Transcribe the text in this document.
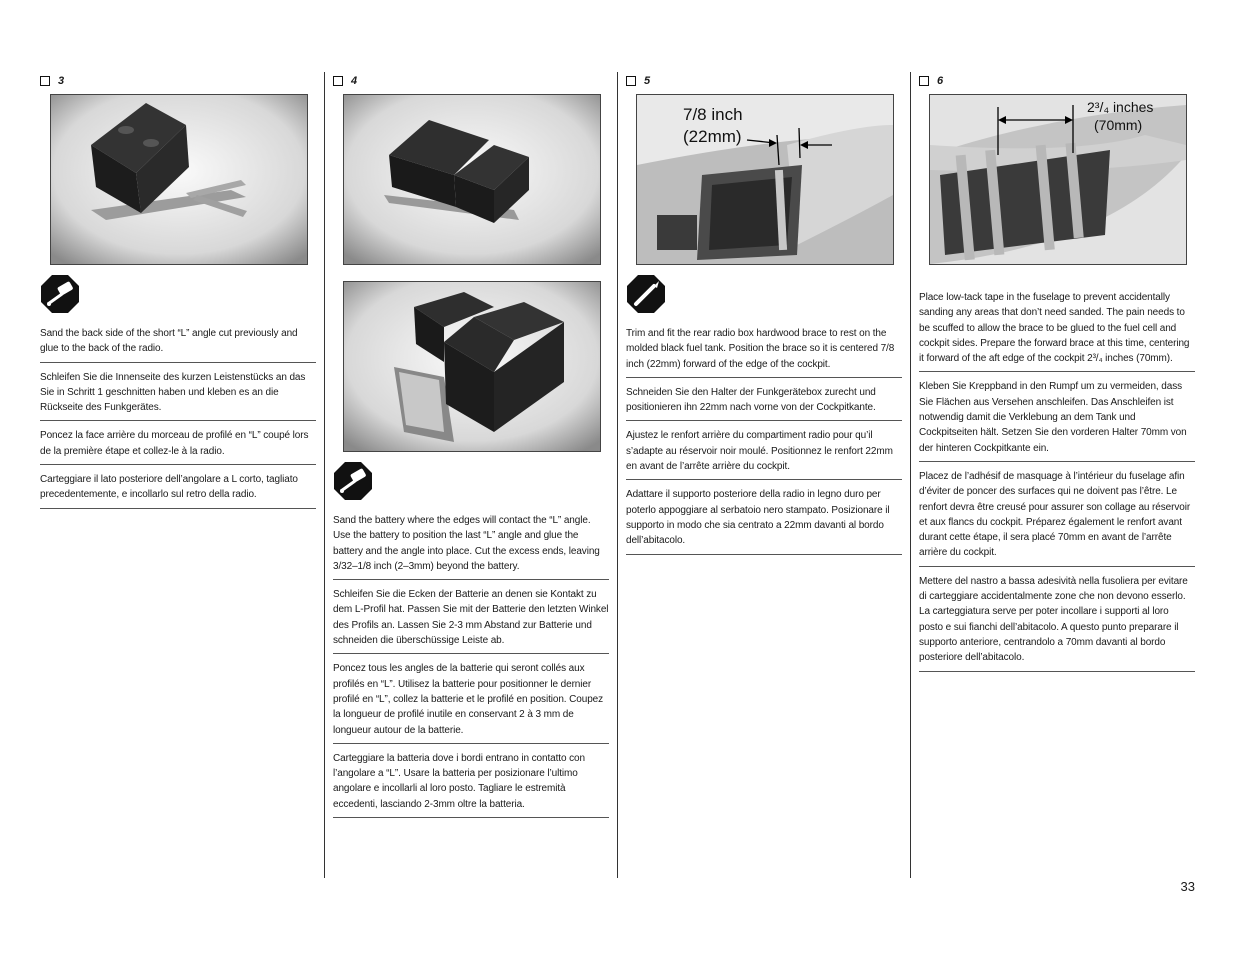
3
Sand the back side of the short “L” angle cut previously and glue to the back of the radio.
Schleifen Sie die Innenseite des kurzen Leistenstücks an das Sie in Schritt 1 geschnitten haben und kleben es an die Rückseite des Funkgerätes.
Poncez la face arrière du morceau de profilé en “L” coupé lors de la première étape et collez-le à la radio.
Carteggiare il lato posteriore dell’angolare a L corto, tagliato precedentemente, e incollarlo sul retro della radio.
4
Sand the battery where the edges will contact the “L” angle. Use the battery to position the last “L” angle and glue the battery and the angle into place. Cut the excess ends, leaving 3/32–1/8 inch (2–3mm) beyond the battery.
Schleifen Sie die Ecken der Batterie an denen sie Kontakt zu dem L-Profil hat. Passen Sie mit der Batterie den letzten Winkel des Profils an. Lassen Sie 2-3 mm Abstand zur Batterie und schneiden die überschüssige Leiste ab.
Poncez tous les angles de la batterie qui seront collés aux profilés en “L”. Utilisez la batterie pour positionner le dernier profilé en “L”, collez la batterie et le profilé en position. Coupez la longueur de profilé inutile en conservant 2 à 3 mm de longueur autour de la batterie.
Carteggiare la batteria dove i bordi entrano in contatto con l’angolare a “L”. Usare la batteria per posizionare l’ultimo angolare e incollarli al loro posto. Tagliare le estremità eccedenti, lasciando 2-3mm oltre la batteria.
5
7/8 inch
(22mm)
Trim and fit the rear radio box hardwood brace to rest on the molded black fuel tank. Position the brace so it is centered 7/8 inch (22mm) forward of the edge of the cockpit.
Schneiden Sie den Halter der Funkgerätebox zurecht und positionieren ihn 22mm nach vorne von der Cockpitkante.
Ajustez le renfort arrière du compartiment radio pour qu’il s’adapte au réservoir noir moulé. Positionnez le renfort 22mm en avant de l’arrête arrière du cockpit.
Adattare il supporto posteriore della radio in legno duro per poterlo appoggiare al serbatoio nero stampato. Posizionare il supporto in modo che sia centrato a 22mm davanti al bordo dell’abitacolo.
6
2³/₄ inches
(70mm)
Place low-tack tape in the fuselage to prevent accidentally sanding any areas that don’t need sanded. The pain needs to be scuffed to allow the brace to be glued to the fuel cell and cockpit sides. Prepare the forward brace at this time, centering it forward of the aft edge of the cockpit 2³/₄ inches (70mm).
Kleben Sie Kreppband in den Rumpf um zu vermeiden, dass Sie Flächen aus Versehen anschleifen. Das Anschleifen ist notwendig damit die Verklebung an dem Tank und Cockpitseiten hält. Setzen Sie den vorderen Halter 70mm von der hinteren Cockpitkante ein.
Placez de l’adhésif de masquage à l’intérieur du fuselage afin d’éviter de poncer des surfaces qui ne doivent pas l’être. Le renfort devra être creusé pour assurer son collage au réservoir et aux flancs du cockpit. Préparez également le renfort avant durant cette étape, il sera placé 70mm en avant de l’arrête arrière du cockpit.
Mettere del nastro a bassa adesività nella fusoliera per evitare di carteggiare accidentalmente zone che non devono esserlo. La carteggiatura serve per poter incollare i supporti al loro posto e sui fianchi dell’abitacolo. A questo punto preparare il supporto anteriore, centrandolo a 70mm davanti al bordo posteriore dell’abitacolo.
33
